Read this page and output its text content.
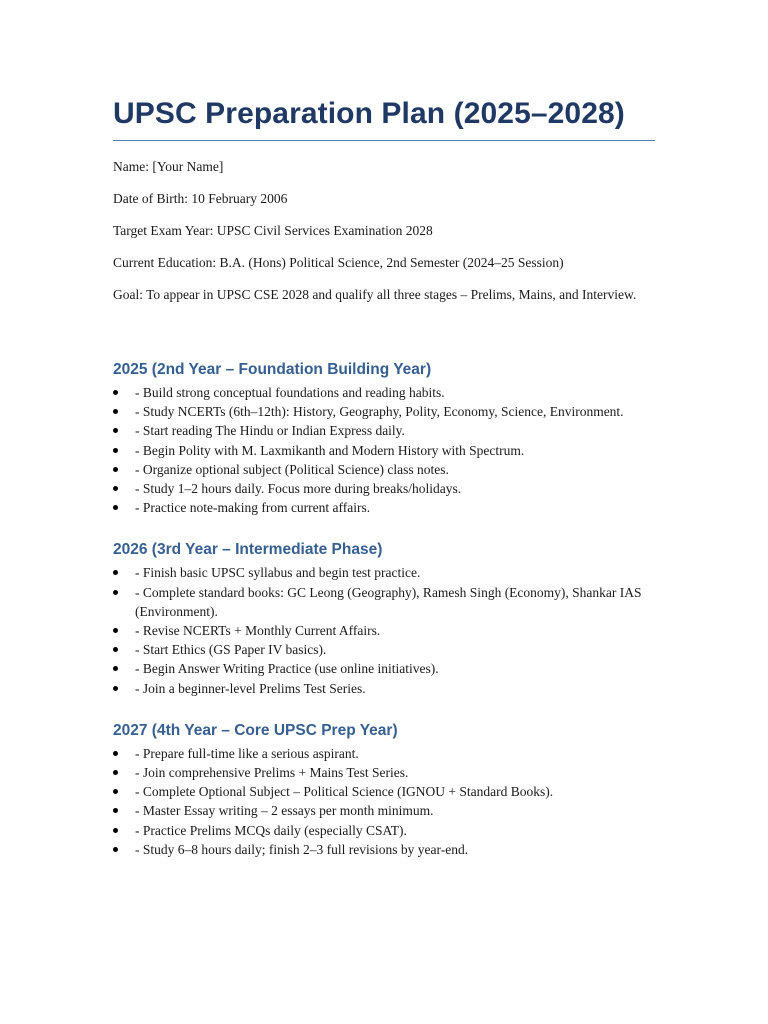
UPSC Preparation Plan (2025–2028)

Name: [Your Name]

Date of Birth: 10 February 2006

Target Exam Year: UPSC Civil Services Examination 2028

Current Education: B.A. (Hons) Political Science, 2nd Semester (2024–25 Session)

Goal: To appear in UPSC CSE 2028 and qualify all three stages – Prelims, Mains, and Interview.

2025 (2nd Year – Foundation Building Year)
- Build strong conceptual foundations and reading habits.
- Study NCERTs (6th–12th): History, Geography, Polity, Economy, Science, Environment.
- Start reading The Hindu or Indian Express daily.
- Begin Polity with M. Laxmikanth and Modern History with Spectrum.
- Organize optional subject (Political Science) class notes.
- Study 1–2 hours daily. Focus more during breaks/holidays.
- Practice note-making from current affairs.
2026 (3rd Year – Intermediate Phase)
- Finish basic UPSC syllabus and begin test practice.
- Complete standard books: GC Leong (Geography), Ramesh Singh (Economy), Shankar IAS (Environment).
- Revise NCERTs + Monthly Current Affairs.
- Start Ethics (GS Paper IV basics).
- Begin Answer Writing Practice (use online initiatives).
- Join a beginner-level Prelims Test Series.
2027 (4th Year – Core UPSC Prep Year)
- Prepare full-time like a serious aspirant.
- Join comprehensive Prelims + Mains Test Series.
- Complete Optional Subject – Political Science (IGNOU + Standard Books).
- Master Essay writing – 2 essays per month minimum.
- Practice Prelims MCQs daily (especially CSAT).
- Study 6–8 hours daily; finish 2–3 full revisions by year-end.
